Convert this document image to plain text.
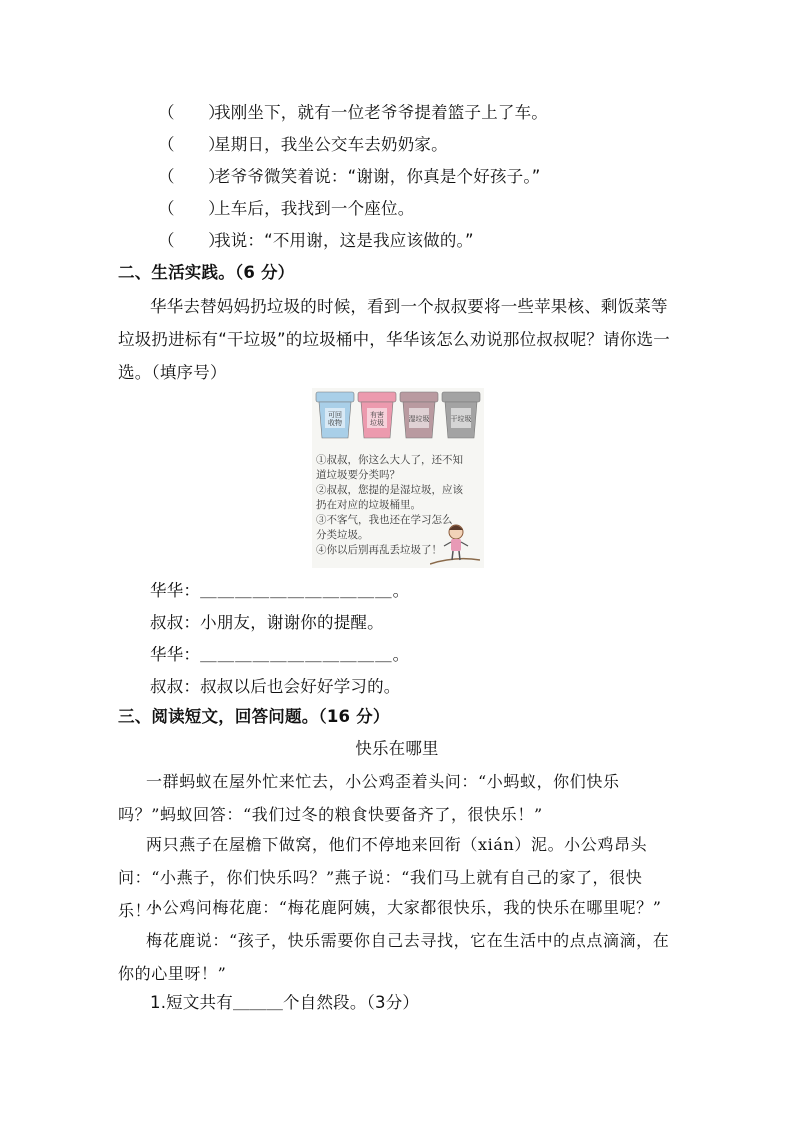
（　　）我刚坐下，就有一位老爷爷提着篮子上了车。
（　　）星期日，我坐公交车去奶奶家。
（　　）老爷爷微笑着说：“谢谢，你真是个好孩子。”
（　　）上车后，我找到一个座位。
（　　）我说：“不用谢，这是我应该做的。”
二、生活实践。（6 分）
华华去替妈妈扔垃圾的时候，看到一个叔叔要将一些苹果核、剩饭菜等垃圾扔进标有“干垃圾”的垃圾桶中，华华该怎么劝说那位叔叔呢？请你选一选。（填序号）
可回
收物
有害
垃圾	湿垃圾	干垃圾
①叔叔，你这么大人了，还不知
道垃圾要分类吗？
②叔叔，您提的是湿垃圾，应该
扔在对应的垃圾桶里。
③不客气，我也还在学习怎么
分类垃圾。
④你以后别再乱丢垃圾了！
华华：＿＿＿＿＿＿＿＿＿＿＿。
叔叔：小朋友，谢谢你的提醒。
华华：＿＿＿＿＿＿＿＿＿＿＿。
叔叔：叔叔以后也会好好学习的。
三、阅读短文，回答问题。（16 分）
快乐在哪里
一群蚂蚁在屋外忙来忙去，小公鸡歪着头问：“小蚂蚁，你们快乐吗？”蚂蚁回答：“我们过冬的粮食快要备齐了，很快乐！”
两只燕子在屋檐下做窝，他们不停地来回衔（xián）泥。小公鸡昂头问：“小燕子，你们快乐吗？”燕子说：“我们马上就有自己的家了，很快乐！”
小公鸡问梅花鹿：“梅花鹿阿姨，大家都很快乐，我的快乐在哪里呢？”
梅花鹿说：“孩子，快乐需要你自己去寻找，它在生活中的点点滴滴，在你的心里呀！”
1.短文共有＿＿＿个自然段。（3分）
